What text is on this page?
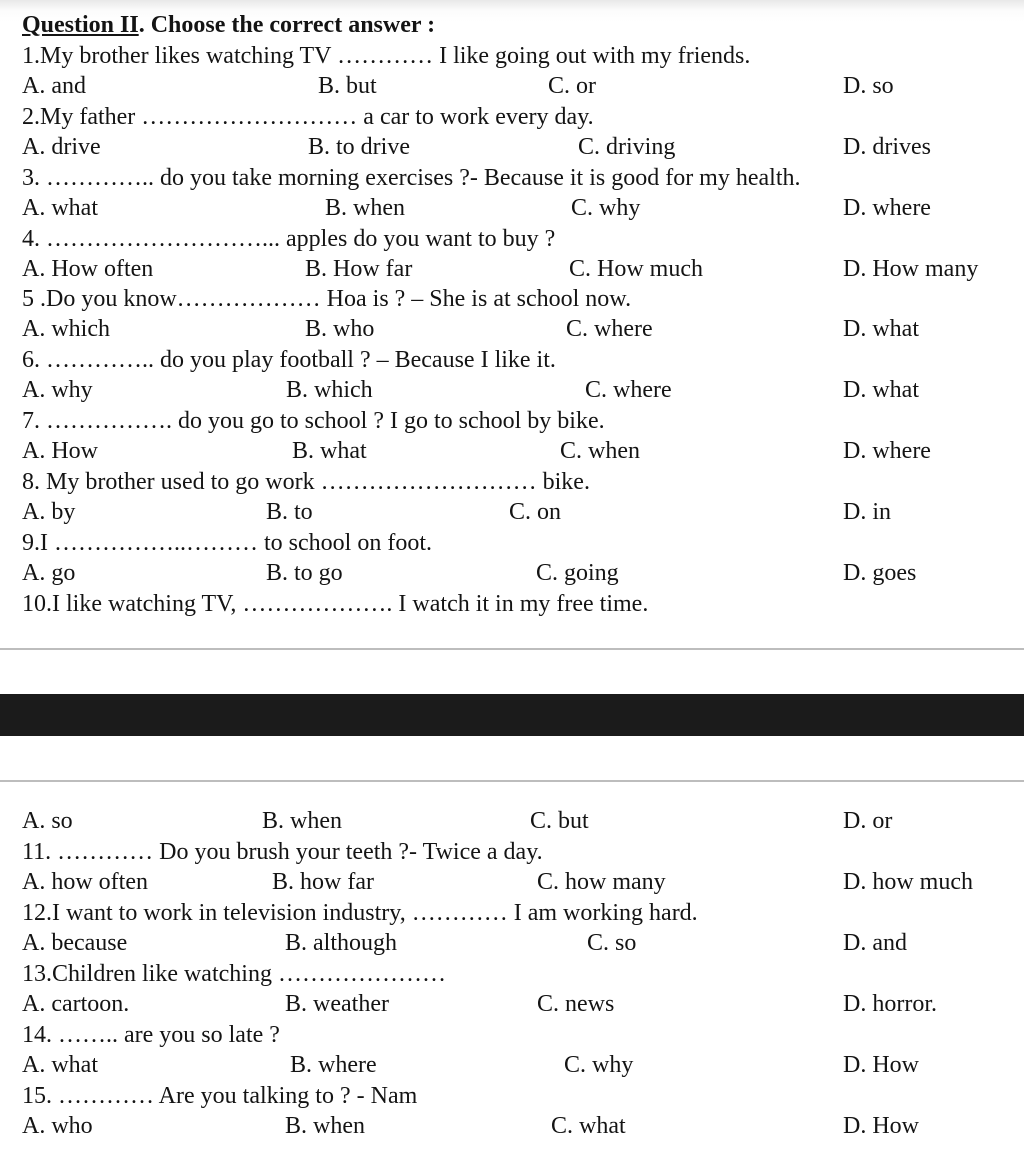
Question II. Choose the correct answer :
1.My brother likes watching TV ………… I like going out with my friends.
A. and	B. but	C. or	D. so
2.My father ……………………… a car to work every day.
A. drive	B. to drive	C. driving	D. drives
3. ………….. do you take morning exercises ?- Because it is good for my health.
A. what	B. when	C. why	D. where
4. ………………………... apples do you want to buy ?
A. How often	B. How far	C. How much	D. How many
5 .Do you know……………… Hoa is ? – She is at school now.
A. which	B. who	C. where	D. what
6. ………….. do you play football ? – Because I like it.
A. why	B. which	C. where	D. what
7. ……………. do you go to school ? I go to school by bike.
A. How	B. what	C. when	D. where
8. My brother used to go work ……………………… bike.
A. by	B. to	C. on	D. in
9.I ……………..……… to school on foot.
A. go	B. to go	C. going	D. goes
10.I like watching TV, ………………. I watch it in my free time.
A. so	B. when	C. but	D. or
11. ………… Do you brush your teeth ?- Twice a day.
A. how often	B. how far	C. how many	D. how much
12.I want to work in television industry, ………… I am working hard.
A. because	B. although	C. so	D. and
13.Children like watching …………………
A. cartoon.	B. weather	C. news	D. horror.
14. …….. are you so late ?
A. what	B. where	C. why	D. How
15. ………… Are you talking to ? - Nam
A. who	B. when	C. what	D. How
